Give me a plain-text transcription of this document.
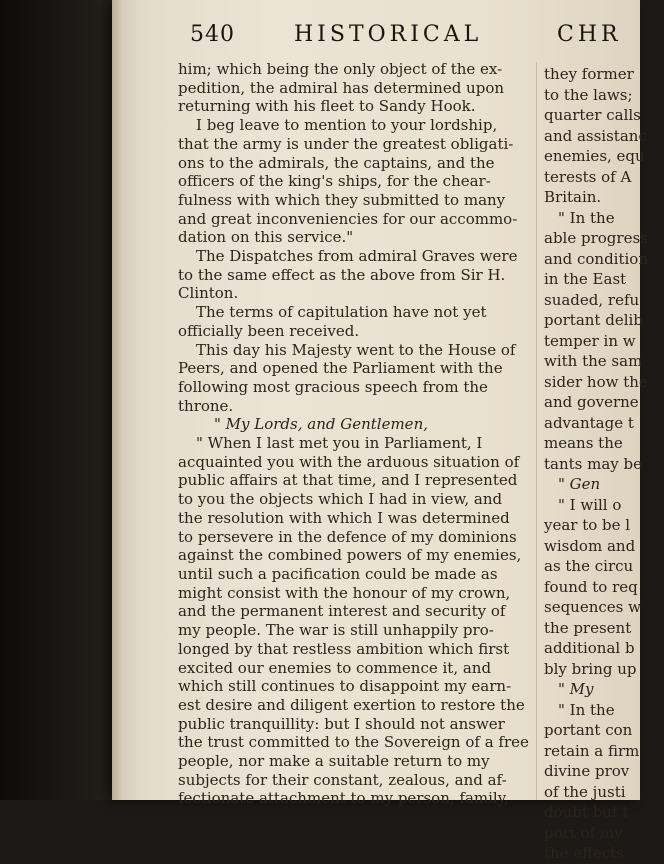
540	HISTORICAL	CHR
him; which being the only object of the ex-
pedition, the admiral has determined upon
returning with his fleet to Sandy Hook.
I beg leave to mention to your lordship,
that the army is under the greatest obligati-
ons to the admirals, the captains, and the
officers of the king's ships, for the chear-
fulness with which they submitted to many
and great inconveniencies for our accommo-
dation on this service."
The Dispatches from admiral Graves were
to the same effect as the above from Sir H.
Clinton.
The terms of capitulation have not yet
officially been received.
This day his Majesty went to the House of
Peers, and opened the Parliament with the
following most gracious speech from the
throne.
" My Lords, and Gentlemen,
" When I last met you in Parliament, I
acquainted you with the arduous situation of
public affairs at that time, and I represented
to you the objects which I had in view, and
the resolution with which I was determined
to persevere in the defence of my dominions
against the combined powers of my enemies,
until such a pacification could be made as
might consist with the honour of my crown,
and the permanent interest and security of
my people. The war is still unhappily pro-
longed by that restless ambition which first
excited our enemies to commence it, and
which still continues to disappoint my earn-
est desire and diligent exertion to restore the
public tranquillity: but I should not answer
the trust committed to the Sovereign of a free
people, nor make a suitable return to my
subjects for their constant, zealous, and af-
fectionate attachment to my person, family,
they former
to the laws;
quarter calls
and assistanc
enemies, equ
terests of A
Britain.
" In the
able progress
and condition
in the East
suaded, refu
portant delib
temper in w
with the sam
sider how the
and governe
advantage t
means the
tants may be
" Gen
" I will o
year to be l
wisdom and
as the circu
found to req
sequences w
the present
additional b
bly bring up
" My
" In the
portant con
retain a firm
divine prov
of the justi
doubt but t
port of my
the effects
